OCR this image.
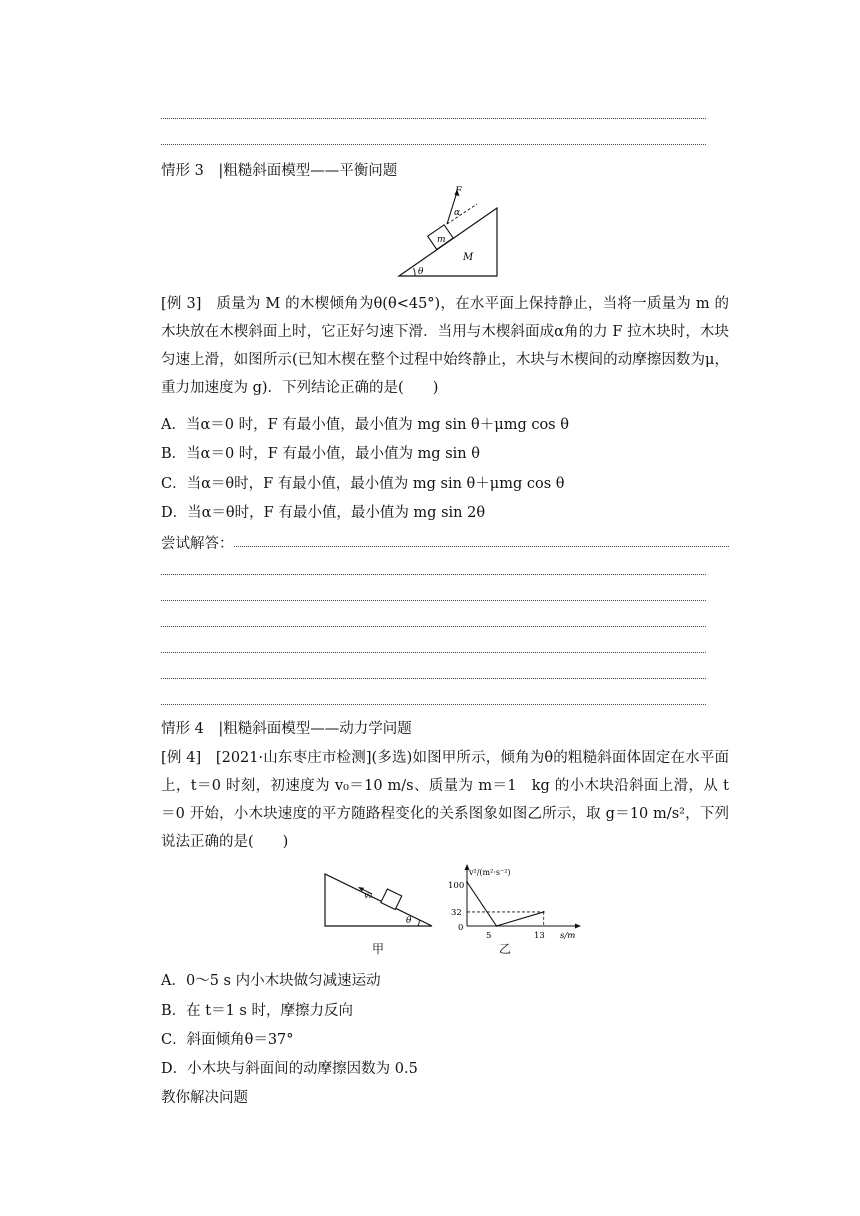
情形 3　|粗糙斜面模型——平衡问题
F
α
m
M
θ
[例 3]　质量为 M 的木楔倾角为θ(θ<45°)，在水平面上保持静止，当将一质量为 m 的木块放在木楔斜面上时，它正好匀速下滑．当用与木楔斜面成α角的力 F 拉木块时，木块匀速上滑，如图所示(已知木楔在整个过程中始终静止，木块与木楔间的动摩擦因数为μ，重力加速度为 g)．下列结论正确的是(　　)
A．当α＝0 时，F 有最小值，最小值为 mg sin θ＋μmg cos θ
B．当α＝0 时，F 有最小值，最小值为 mg sin θ
C．当α＝θ时，F 有最小值，最小值为 mg sin θ＋μmg cos θ
D．当α＝θ时，F 有最小值，最小值为 mg sin 2θ
尝试解答：
情形 4　|粗糙斜面模型——动力学问题
[例 4]　[2021·山东枣庄市检测](多选)如图甲所示，倾角为θ的粗糙斜面体固定在水平面上，t＝0 时刻，初速度为 v₀＝10 m/s、质量为 m＝1　kg 的小木块沿斜面上滑，从 t＝0 开始，小木块速度的平方随路程变化的关系图象如图乙所示，取 g＝10 m/s²，下列说法正确的是(　　)
v₀
θ
甲
v²/(m²·s⁻²)
s/m
100
32
0
5	13
乙
A．0～5 s 内小木块做匀减速运动
B．在 t＝1 s 时，摩擦力反向
C．斜面倾角θ＝37°
D．小木块与斜面间的动摩擦因数为 0.5
教你解决问题
